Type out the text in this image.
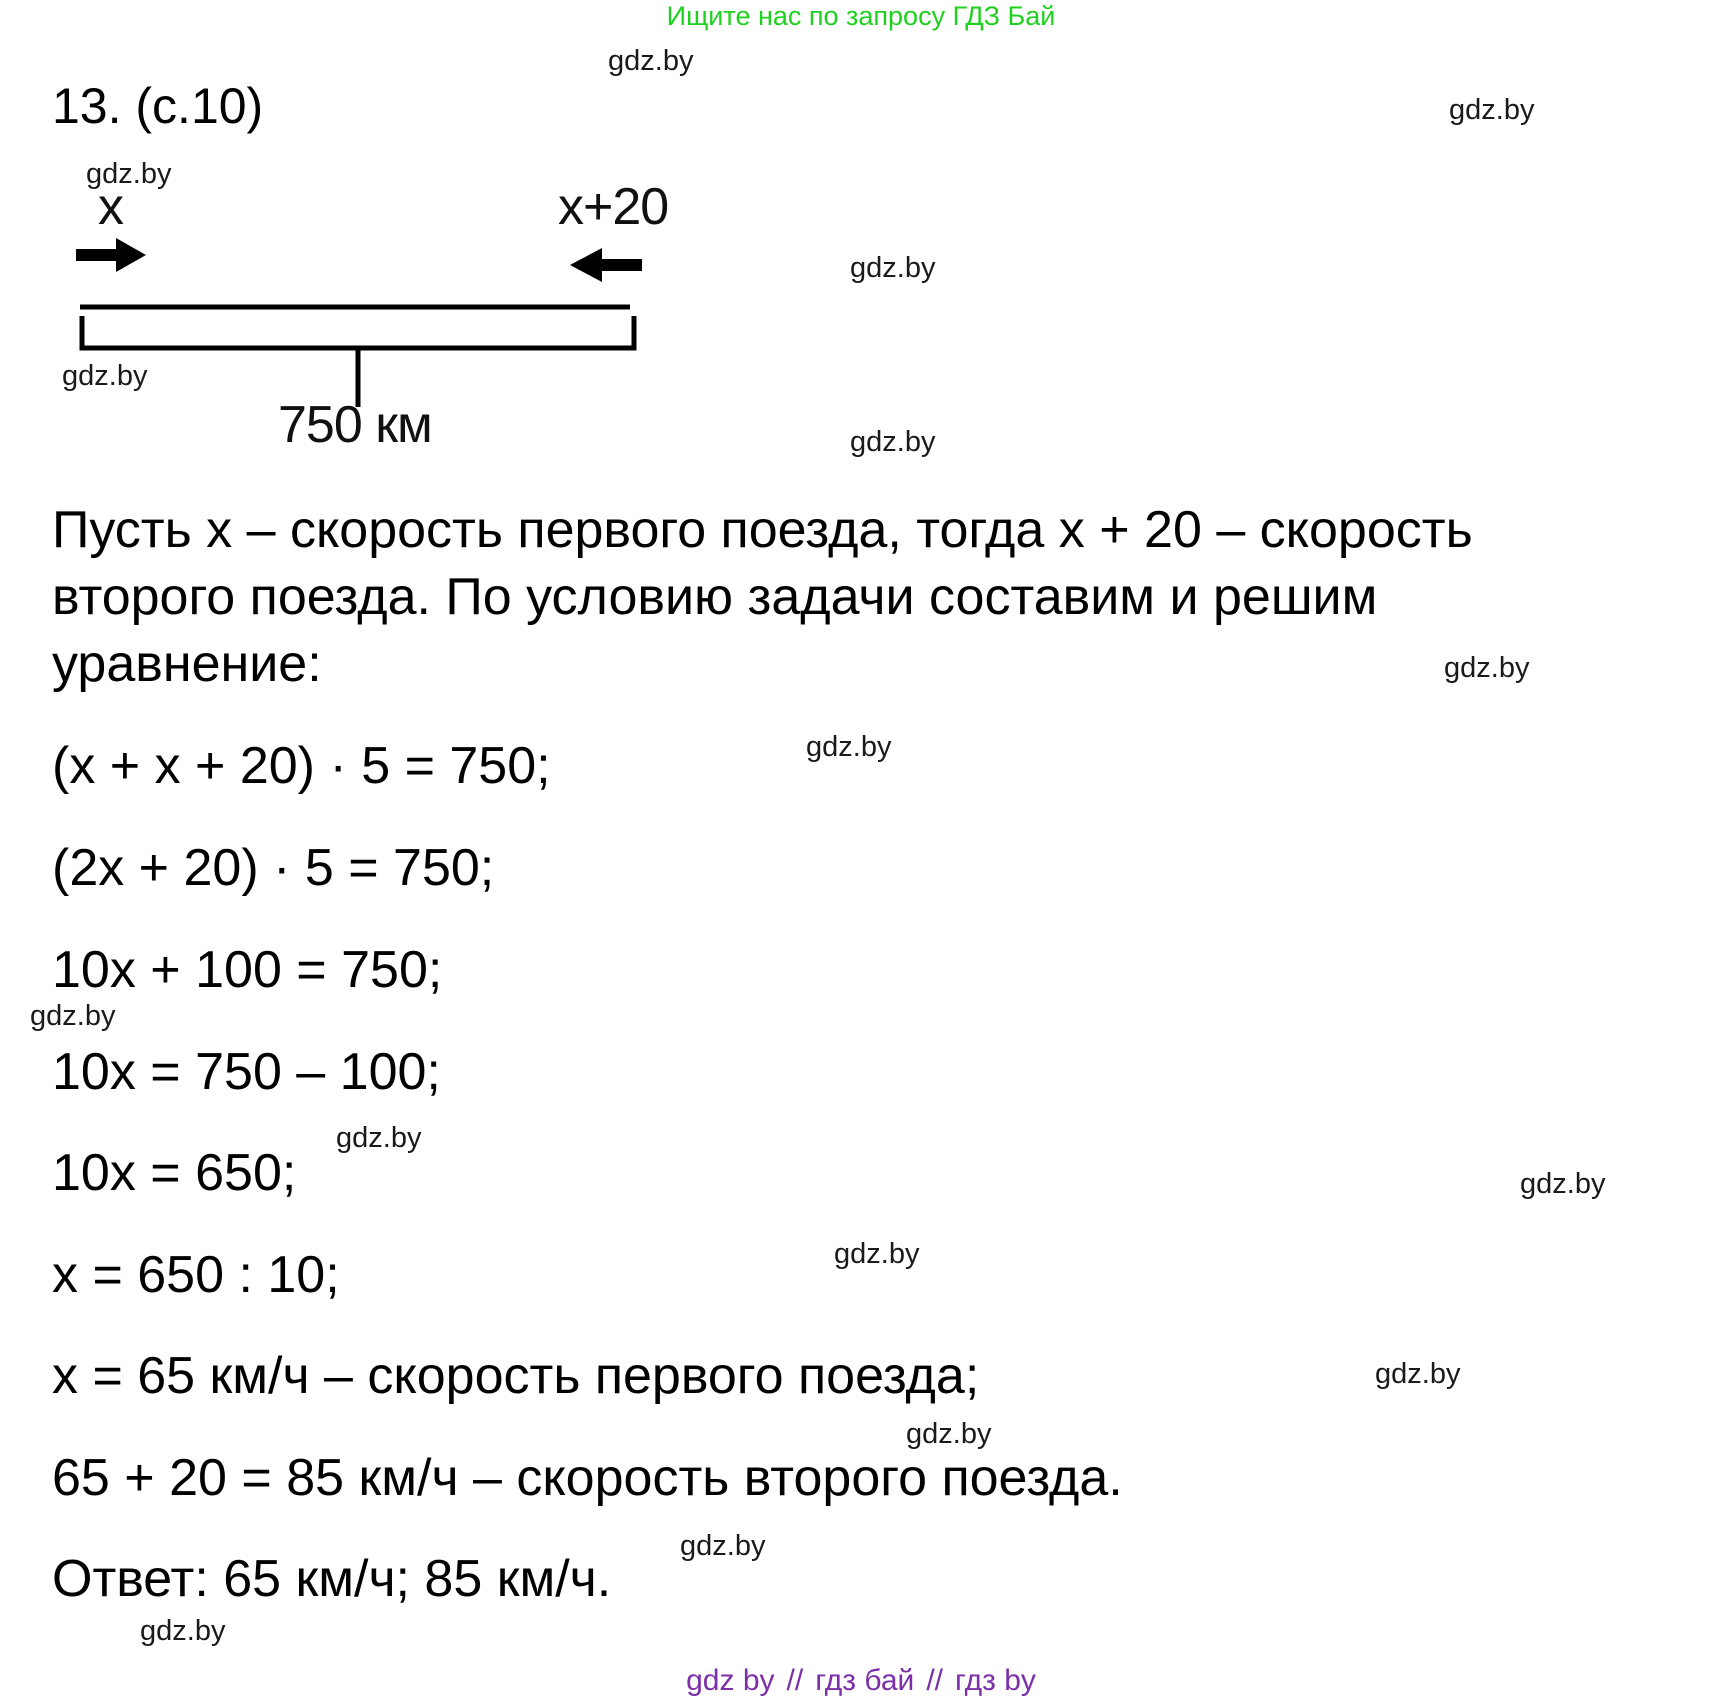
Ищите нас по запросу ГДЗ Бай
gdz.by
gdz.by
gdz.by
gdz.by
gdz.by
gdz.by
gdz.by
gdz.by
gdz.by
gdz.by
gdz.by
gdz.by
gdz.by
gdz.by
gdz.by
gdz.by
13. (с.10)
x	x+20
750 км
Пусть x – скорость первого поезда, тогда x + 20 – скорость
второго поезда. По условию задачи составим и решим
уравнение:
(x + x + 20) · 5 = 750;
(2x + 20) · 5 = 750;
10x + 100 = 750;
10x = 750 – 100;
10x = 650;
x = 650 : 10;
x = 65 км/ч – скорость первого поезда;
65 + 20 = 85 км/ч – скорость второго поезда.
Ответ: 65 км/ч; 85 км/ч.
gdz by // гдз бай // гдз by
